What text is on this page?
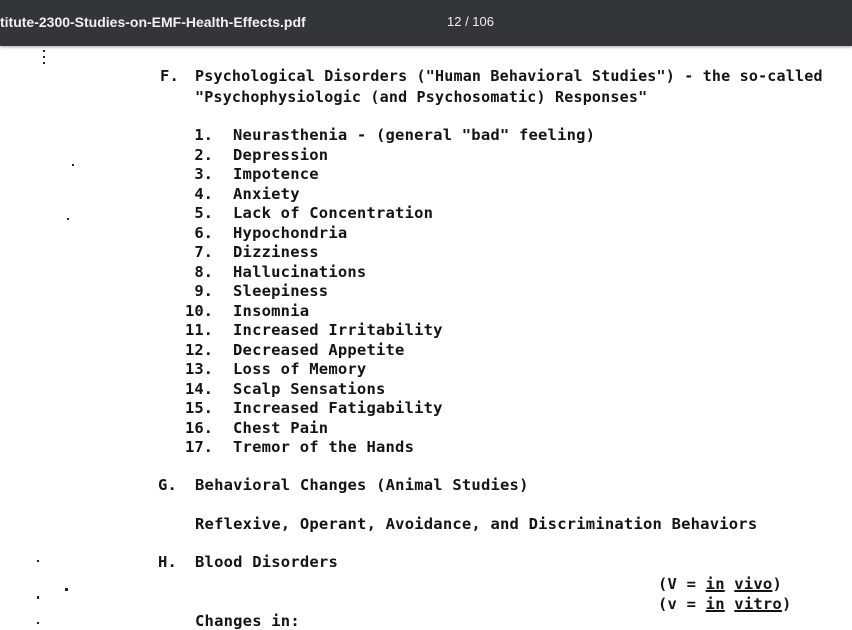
titute-2300-Studies-on-EMF-Health-Effects.pdf	12 / 106
F. Psychological Disorders ("Human Behavioral Studies") - the so-called
"Psychophysiologic (and Psychosomatic) Responses"
1. Neurasthenia - (general "bad" feeling)
2. Depression
3. Impotence
4. Anxiety
5. Lack of Concentration
6. Hypochondria
7. Dizziness
8. Hallucinations
9. Sleepiness
10. Insomnia
11. Increased Irritability
12. Decreased Appetite
13. Loss of Memory
14. Scalp Sensations
15. Increased Fatigability
16. Chest Pain
17. Tremor of the Hands
G. Behavioral Changes (Animal Studies)
Reflexive, Operant, Avoidance, and Discrimination Behaviors
H. Blood Disorders
(V = in vivo)
(v = in vitro)
Changes in:
